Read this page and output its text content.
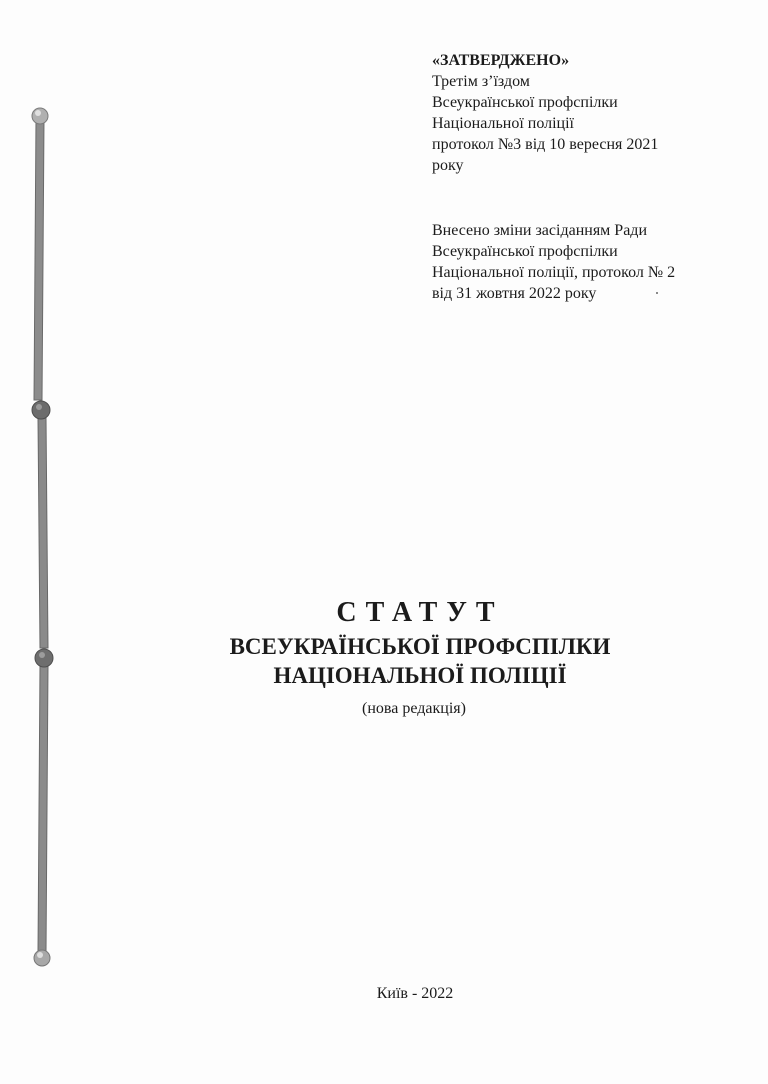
«ЗАТВЕРДЖЕНО»

Третім з’їздом

Всеукраїнської профспілки

Національної поліції

протокол №3 від 10 вересня 2021

року

Внесено зміни засіданням Ради

Всеукраїнської профспілки

Національної поліції, протокол № 2

від 31 жовтня 2022 року

СТАТУТ
ВСЕУКРАЇНСЬКОЇ ПРОФСПІЛКИ
НАЦІОНАЛЬНОЇ ПОЛІЦІЇ
(нова редакція)
Київ - 2022
